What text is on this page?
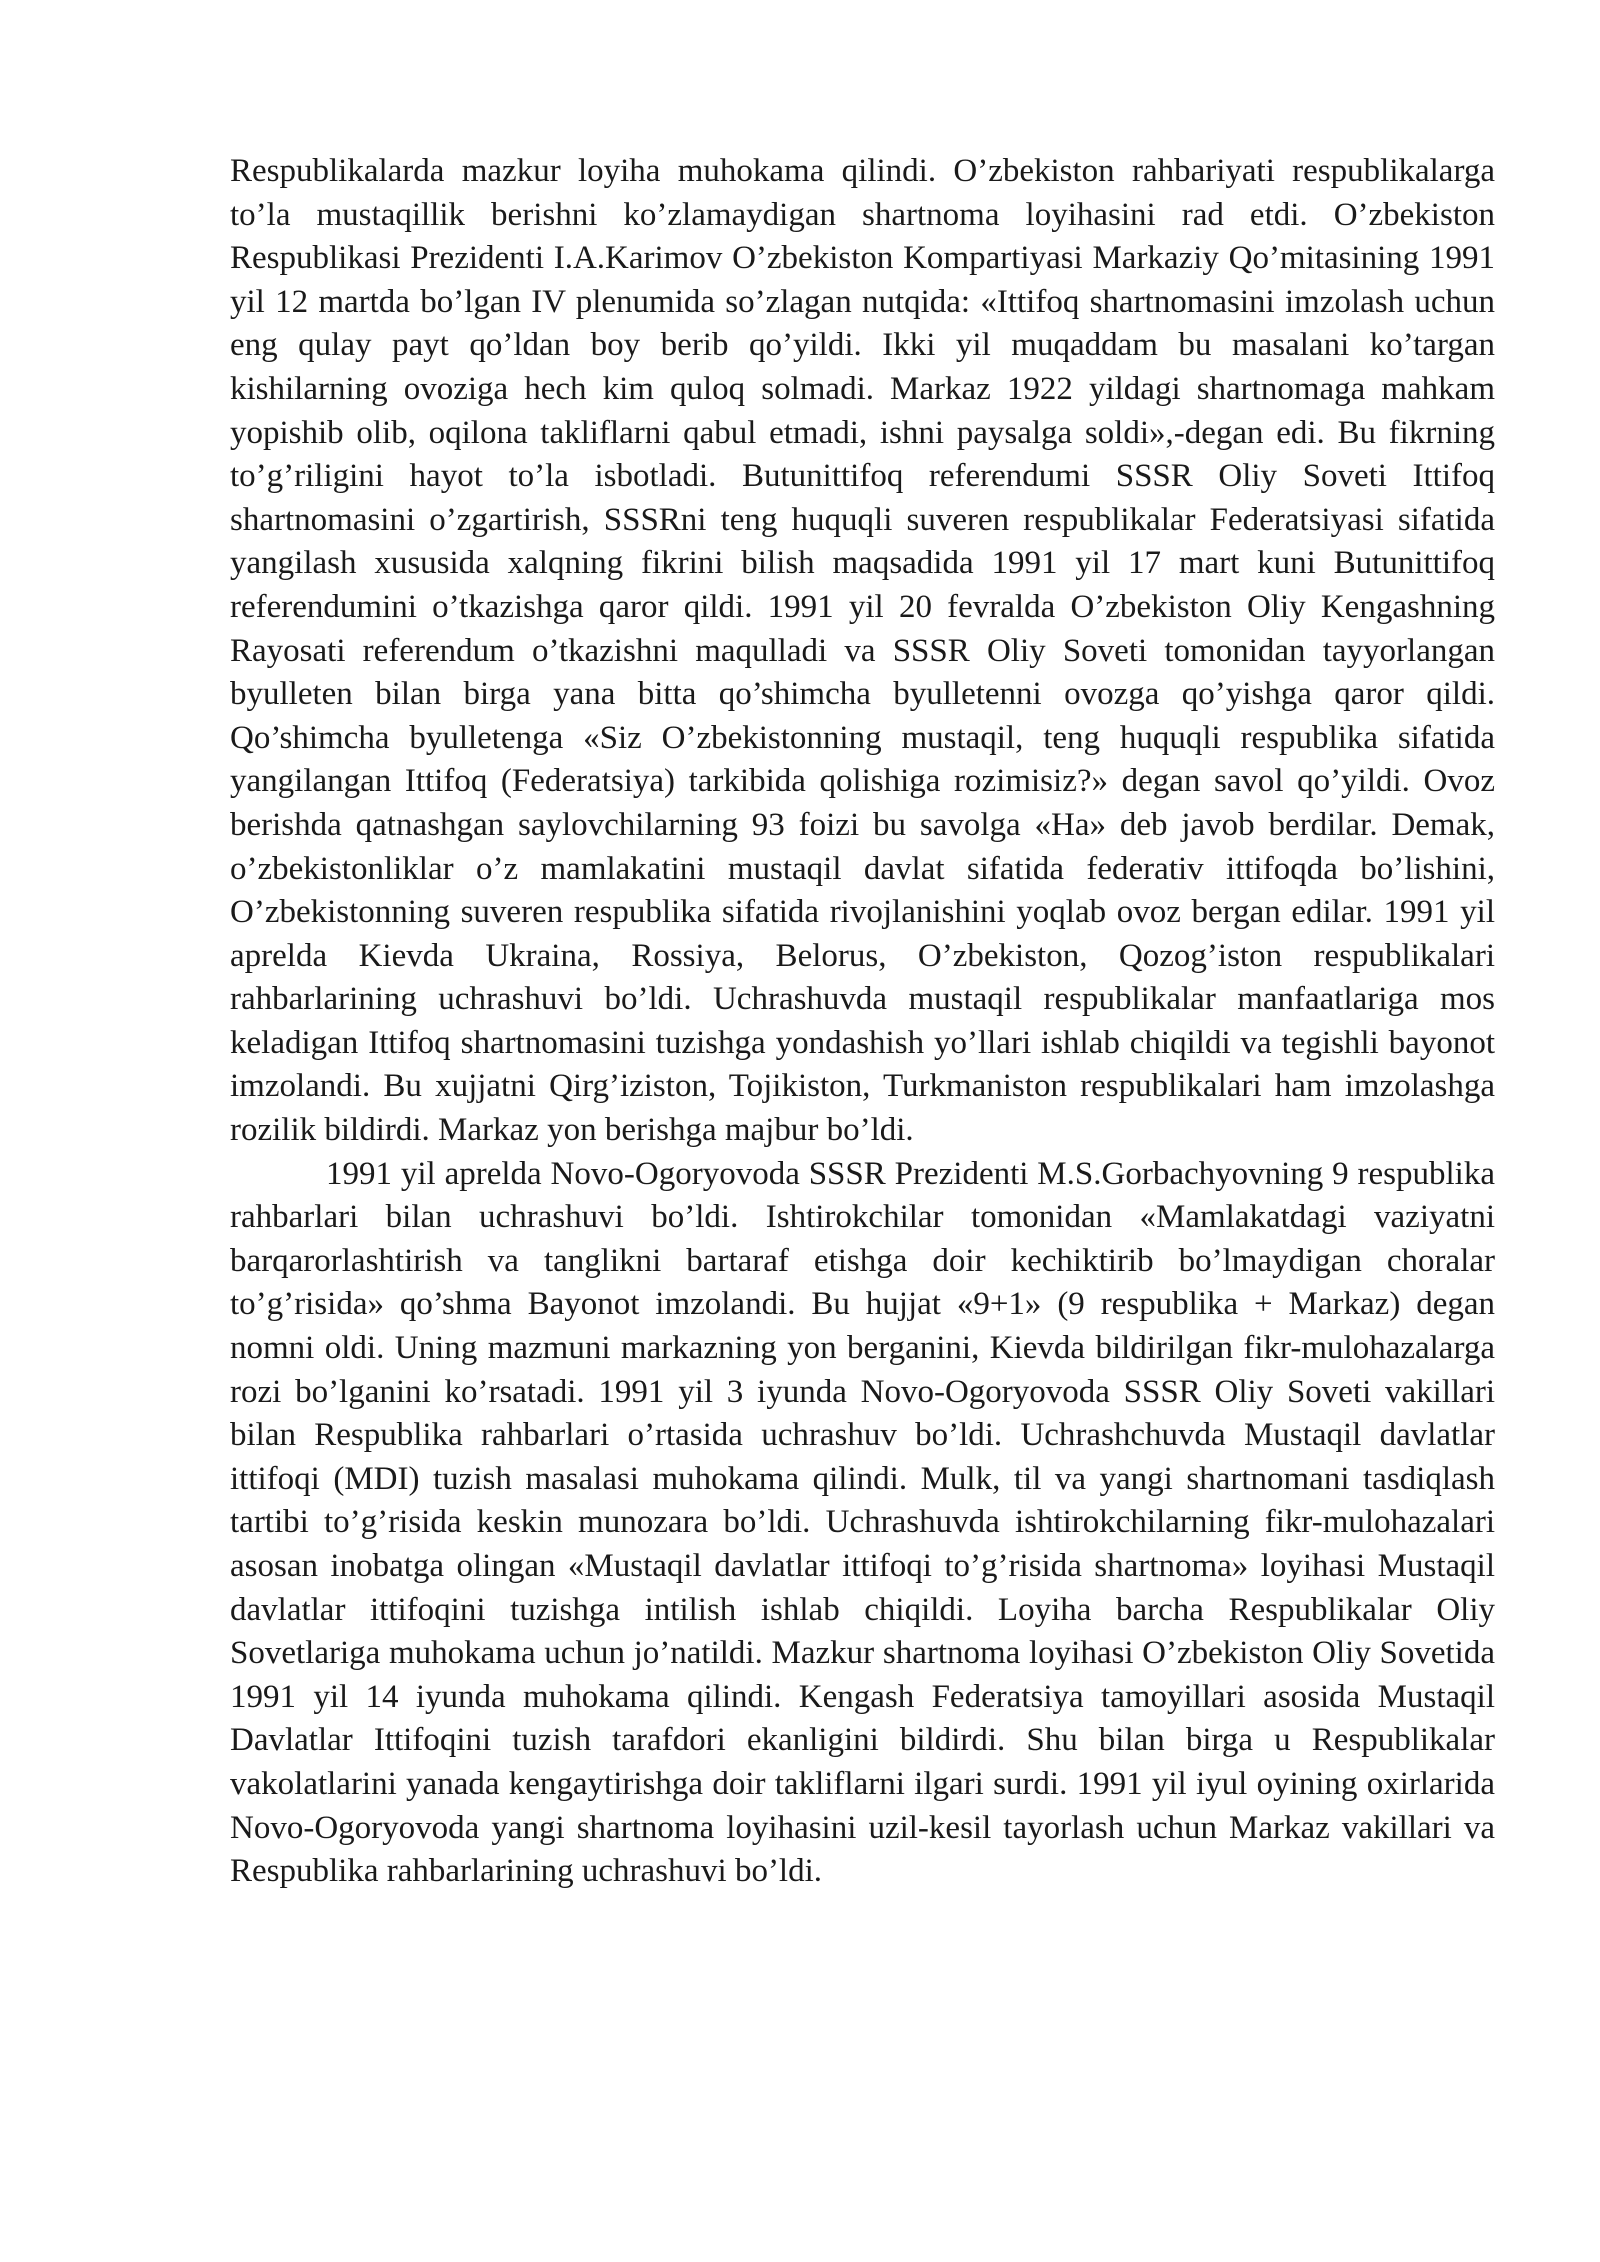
Respublikalarda mazkur loyiha muhokama qilindi. O’zbekiston rahbariyati respublikalarga to’la mustaqillik berishni ko’zlamaydigan shartnoma loyihasini rad etdi. O’zbekiston Respublikasi Prezidenti I.A.Karimov O’zbekiston Kompartiyasi Markaziy Qo’mitasining 1991 yil 12 martda bo’lgan IV plenumida so’zlagan nutqida: «Ittifoq shartnomasini imzolash uchun eng qulay payt qo’ldan boy berib qo’yildi. Ikki yil muqaddam bu masalani ko’targan kishilarning ovoziga hech kim quloq solmadi. Markaz 1922 yildagi shartnomaga mahkam yopishib olib, oqilona takliflarni qabul etmadi, ishni paysalga soldi»,-degan edi. Bu fikrning to’g’riligini hayot to’la isbotladi. Butunittifoq referendumi SSSR Oliy Soveti Ittifoq shartnomasini o’zgartirish, SSSRni teng huquqli suveren respublikalar Federatsiyasi sifatida yangilash xususida xalqning fikrini bilish maqsadida 1991 yil 17 mart kuni Butunittifoq referendumini o’tkazishga qaror qildi. 1991 yil 20 fevralda O’zbekiston Oliy Kengashning Rayosati referendum o’tkazishni maqulladi va SSSR Oliy Soveti tomonidan tayyorlangan byulleten bilan birga yana bitta qo’shimcha byulletenni ovozga qo’yishga qaror qildi. Qo’shimcha byulletenga «Siz O’zbekistonning mustaqil, teng huquqli respublika sifatida yangilangan Ittifoq (Federatsiya) tarkibida qolishiga rozimisiz?» degan savol qo’yildi. Ovoz berishda qatnashgan saylovchilarning 93 foizi bu savolga «Ha» deb javob berdilar. Demak, o’zbekistonliklar o’z mamlakatini mustaqil davlat sifatida federativ ittifoqda bo’lishini, O’zbekistonning suveren respublika sifatida rivojlanishini yoqlab ovoz bergan edilar. 1991 yil aprelda Kievda Ukraina, Rossiya, Belorus, O’zbekiston, Qozog’iston respublikalari rahbarlarining uchrashuvi bo’ldi. Uchrashuvda mustaqil respublikalar manfaatlariga mos keladigan Ittifoq shartnomasini tuzishga yondashish yo’llari ishlab chiqildi va tegishli bayonot imzolandi. Bu xujjatni Qirg’iziston, Tojikiston, Turkmaniston respublikalari ham imzolashga rozilik bildirdi. Markaz yon berishga majbur bo’ldi.

1991 yil aprelda Novo-Ogoryovoda SSSR Prezidenti M.S.Gorbachyovning 9 respublika rahbarlari bilan uchrashuvi bo’ldi. Ishtirokchilar tomonidan «Mamlakatdagi vaziyatni barqarorlashtirish va tanglikni bartaraf etishga doir kechiktirib bo’lmaydigan choralar to’g’risida» qo’shma Bayonot imzolandi. Bu hujjat «9+1» (9 respublika + Markaz) degan nomni oldi. Uning mazmuni markazning yon berganini, Kievda bildirilgan fikr-mulohazalarga rozi bo’lganini ko’rsatadi. 1991 yil 3 iyunda Novo-Ogoryovoda SSSR Oliy Soveti vakillari bilan Respublika rahbarlari o’rtasida uchrashuv bo’ldi. Uchrashchuvda Mustaqil davlatlar ittifoqi (MDI) tuzish masalasi muhokama qilindi. Mulk, til va yangi shartnomani tasdiqlash tartibi to’g’risida keskin munozara bo’ldi. Uchrashuvda ishtirokchilarning fikr-mulohazalari asosan inobatga olingan «Mustaqil davlatlar ittifoqi to’g’risida shartnoma» loyihasi Mustaqil davlatlar ittifoqini tuzishga intilish ishlab chiqildi. Loyiha barcha Respublikalar Oliy Sovetlariga muhokama uchun jo’natildi. Mazkur shartnoma loyihasi O’zbekiston Oliy Sovetida 1991 yil 14 iyunda muhokama qilindi. Kengash Federatsiya tamoyillari asosida Mustaqil Davlatlar Ittifoqini tuzish tarafdori ekanligini bildirdi. Shu bilan birga u Respublikalar vakolatlarini yanada kengaytirishga doir takliflarni ilgari surdi. 1991 yil iyul oyining oxirlarida Novo-Ogoryovoda yangi shartnoma loyihasini uzil-kesil tayorlash uchun Markaz vakillari va Respublika rahbarlarining uchrashuvi bo’ldi.
